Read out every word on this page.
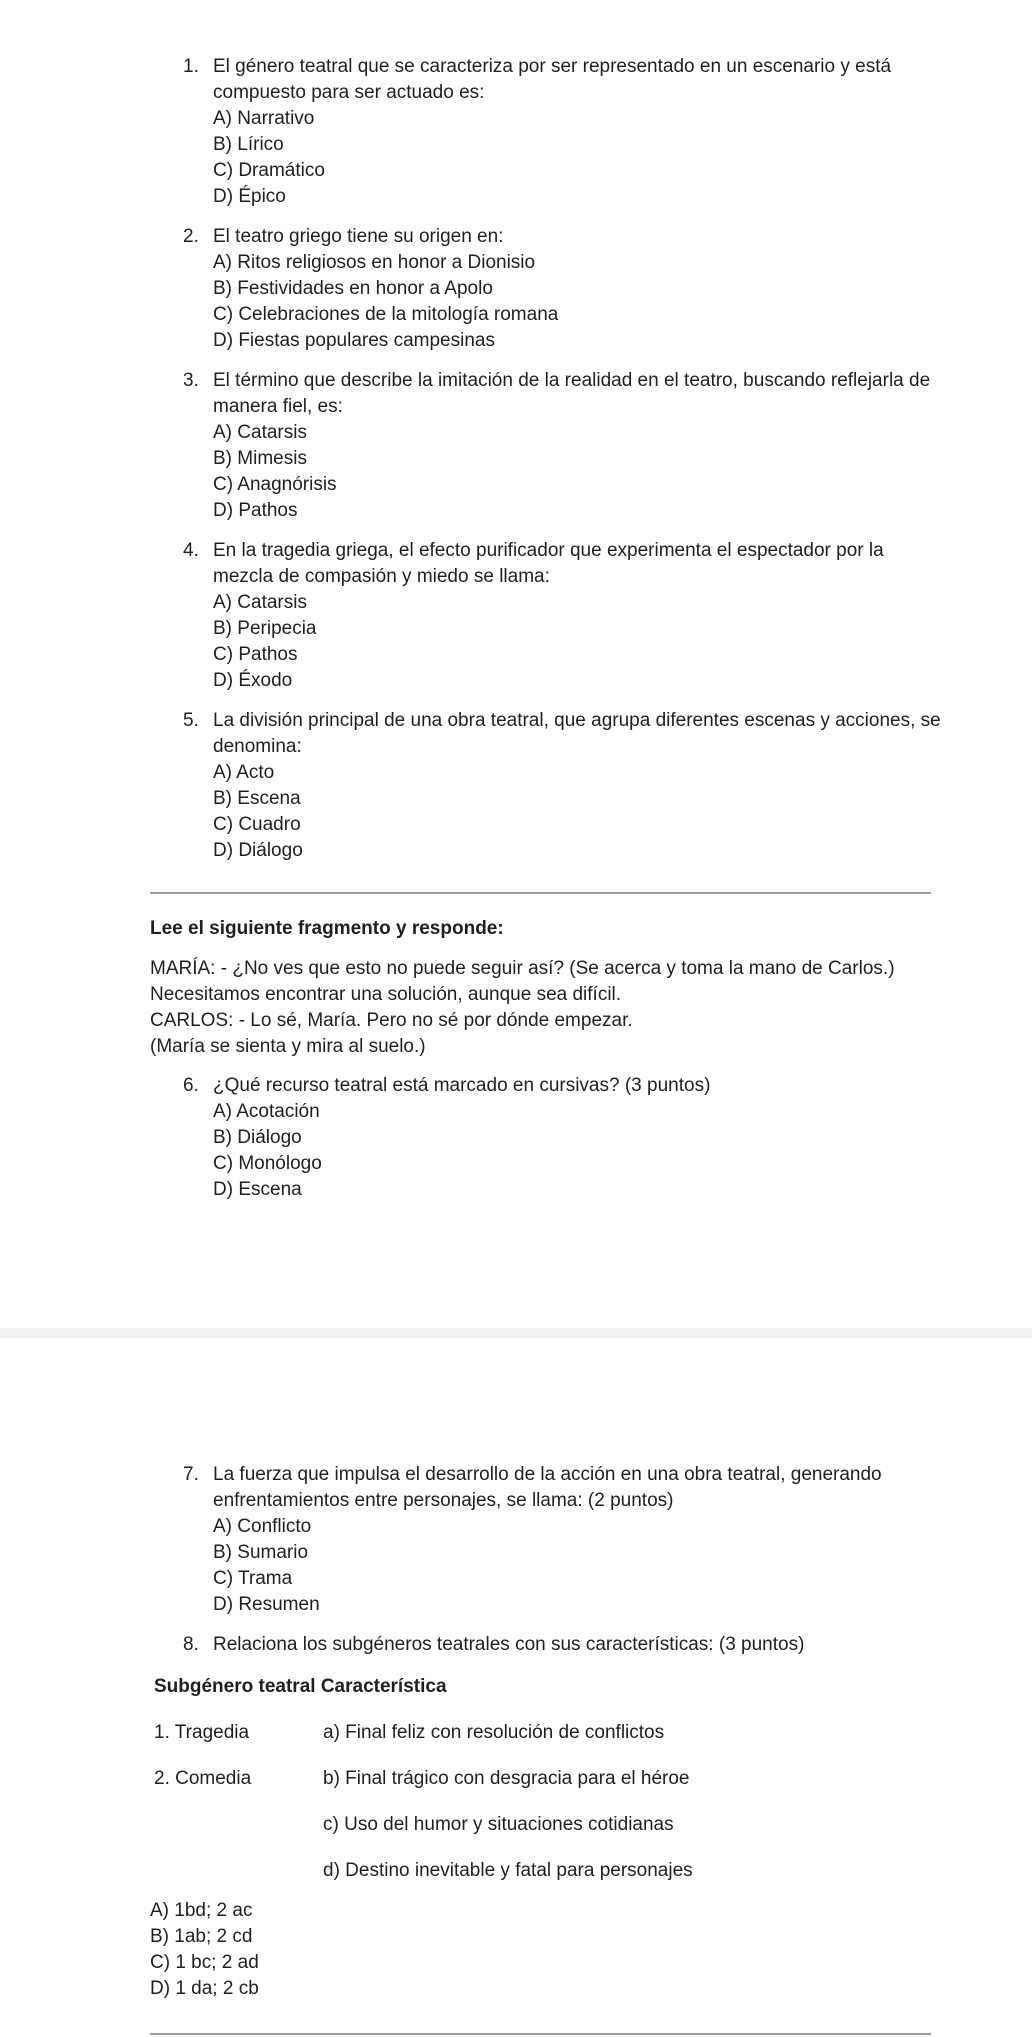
1. El género teatral que se caracteriza por ser representado en un escenario y está compuesto para ser actuado es:
A) Narrativo
B) Lírico
C) Dramático
D) Épico
2. El teatro griego tiene su origen en:
A) Ritos religiosos en honor a Dionisio
B) Festividades en honor a Apolo
C) Celebraciones de la mitología romana
D) Fiestas populares campesinas
3. El término que describe la imitación de la realidad en el teatro, buscando reflejarla de manera fiel, es:
A) Catarsis
B) Mimesis
C) Anagnórisis
D) Pathos
4. En la tragedia griega, el efecto purificador que experimenta el espectador por la mezcla de compasión y miedo se llama:
A) Catarsis
B) Peripecia
C) Pathos
D) Éxodo
5. La división principal de una obra teatral, que agrupa diferentes escenas y acciones, se denomina:
A) Acto
B) Escena
C) Cuadro
D) Diálogo
Lee el siguiente fragmento y responde:
MARÍA: - ¿No ves que esto no puede seguir así? (Se acerca y toma la mano de Carlos.)
Necesitamos encontrar una solución, aunque sea difícil.
CARLOS: - Lo sé, María. Pero no sé por dónde empezar.
(María se sienta y mira al suelo.)
6. ¿Qué recurso teatral está marcado en cursivas? (3 puntos)
A) Acotación
B) Diálogo
C) Monólogo
D) Escena
7. La fuerza que impulsa el desarrollo de la acción en una obra teatral, generando enfrentamientos entre personajes, se llama: (2 puntos)
A) Conflicto
B) Sumario
C) Trama
D) Resumen
8. Relaciona los subgéneros teatrales con sus características: (3 puntos)
Subgénero teatral Característica
1. Tragedia	a) Final feliz con resolución de conflictos
2. Comedia	b) Final trágico con desgracia para el héroe
c) Uso del humor y situaciones cotidianas
d) Destino inevitable y fatal para personajes
A) 1bd; 2 ac
B) 1ab; 2 cd
C) 1 bc; 2 ad
D) 1 da; 2 cb
